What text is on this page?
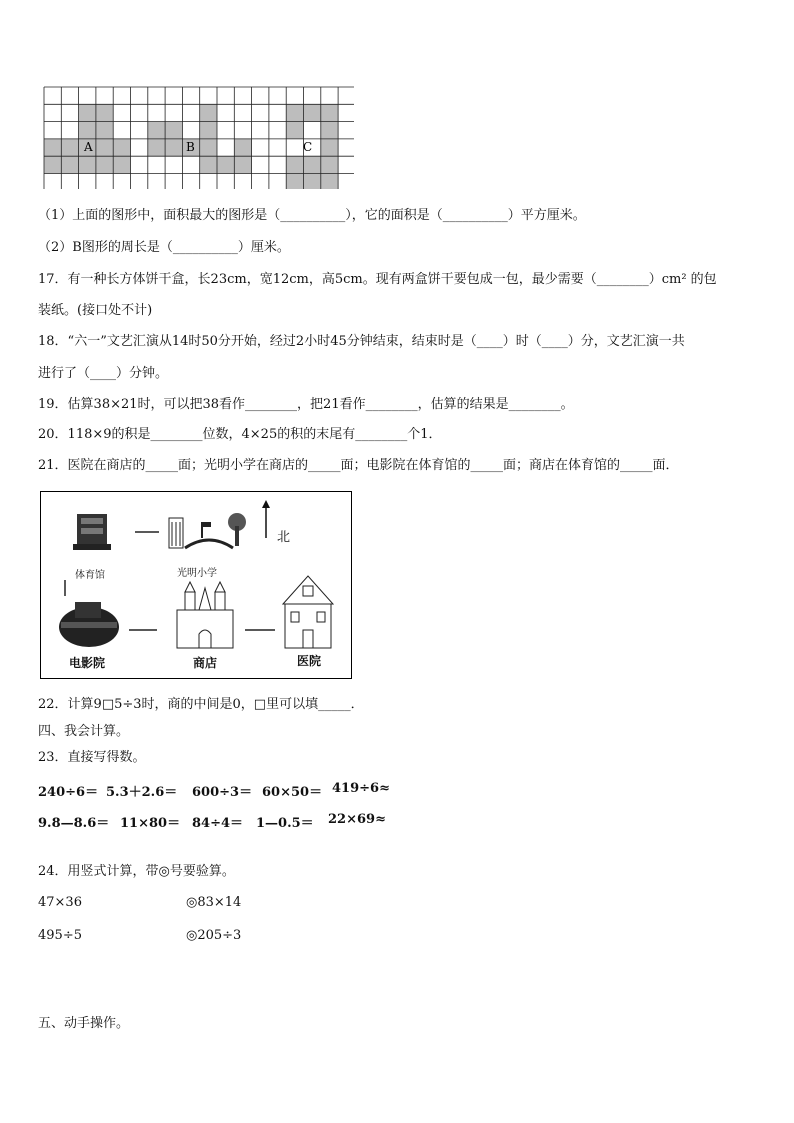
A	B	C
（1）上面的图形中，面积最大的图形是（__________），它的面积是（__________）平方厘米。
（2）B图形的周长是（__________）厘米。
17．有一种长方体饼干盒，长23cm，宽12cm，高5cm。现有两盒饼干要包成一包，最少需要（________）cm² 的包
装纸。(接口处不计)
18．“六一”文艺汇演从14时50分开始，经过2小时45分钟结束，结束时是（____）时（____）分，文艺汇演一共
进行了（____）分钟。
19．估算38×21时，可以把38看作________，把21看作________，估算的结果是________。
20．118×9的积是________位数，4×25的积的末尾有________个1．
21．医院在商店的_____面；光明小学在商店的_____面；电影院在体育馆的_____面；商店在体育馆的_____面．
体育馆	光明小学
北
电影院	商店	医院
22．计算9□5÷3时，商的中间是0，□里可以填_____．
四、我会计算。
23．直接写得数。
240÷6＝ 5.3＋2.6＝ 600÷3＝ 60×50＝ 419÷6≈
9.8—8.6＝ 11×80＝ 84÷4＝ 1—0.5＝ 22×69≈
24．用竖式计算，带◎号要验算。
47×36	◎83×14
495÷5	◎205÷3
五、动手操作。
